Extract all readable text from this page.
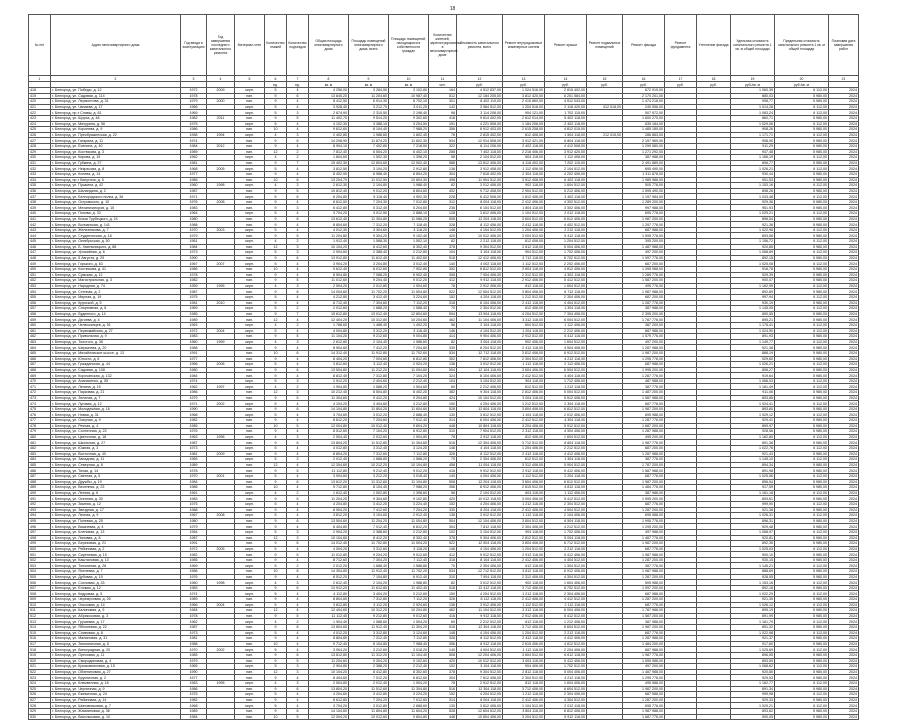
18
№ п/п	Адрес многоквартирного дома	Год ввода в эксплуатацию	Год завершения последнего капитального ремонта	Материал стен	Количество этажей	Количество подъездов	Общая площадь многоквартирного дома	Площадь помещений многоквартирного дома, всего	Площадь помещений, находящихся в собственности граждан	Количество жителей, зарегистрированных в многоквартирном доме	Стоимость капитального ремонта, всего	Ремонт внутридомовых инженерных систем	Ремонт крыши	Ремонт подвальных помещений	Ремонт фасада	Ремонт фундамента	Утепление фасада	Удельная стоимость капитального ремонта 1 кв. м общей площади	Предельная стоимость капитального ремонта 1 кв. м общей площади	Плановая дата завершения работ
1	2	3	4	5	6	7	8	9	10	11	12	13	14	15	16	17	18	19	20	21
					ед.	ед.	кв. м	кв. м	кв. м	чел.	руб.	руб.	руб.	руб.	руб.	руб.	руб.	руб./кв. м	руб./кв. м	
418	г. Белгород, ул. Победы, д. 12	1972	2009	кирп.	5	4	4 256,00	3 284,50	3 102,80	164	4 512 837,00	1 024 516,00	2 815 402,00		672 919,00			1 060,35	6 112,00	2024
419	г. Белгород, ул. Садовая, д. 114	1978		пан.	9	6	13 845,20	11 204,60	10 987,40	512	12 184 205,00	3 812 420,00	6 201 584,00		2 170 201,00			880,03	5 980,00	2024
420	г. Белгород, ул. Лермонтова, д. 31	1979	2000	пан.	9	4	8 412,50	6 914,30	6 702,10	301	8 402 119,00	2 415 860,00	4 512 043,00		1 474 216,00			998,77	5 980,00	2024
421	г. Белгород, ул. Чапаева, д. 17	1966		кирп.	5	4	3 928,40	3 212,70	3 011,20	142	3 984 512,00	1 204 518,00	2 118 420,00	412 018,00	249 556,00			1 014,28	6 112,00	2024
422	г. Белгород, пр-т Славы, д. 81	1969		кирп.	5	3	2 874,90	2 310,50	2 198,40	98	3 114 208,00	904 121,00	1 702 115,00		507 972,00			1 083,24	6 112,00	2024
423	г. Белгород, ул. Щорса, д. 48	1982	2011	пан.	9	5	11 402,70	9 514,20	9 302,60	418	9 814 402,00	2 812 014,00	5 402 118,00		1 600 270,00			860,71	5 980,00	2024
424	г. Белгород, ул. Мичурина, д. 56	1975		кирп.	5	4	4 102,30	3 388,10	3 204,50	151	4 221 508,00	1 184 206,00	2 402 118,00		635 184,00			1 029,06	6 112,00	2024
425	г. Белгород, ул. Королева, д. 9	1986		пан.	10	4	9 812,60	8 104,40	7 988,20	356	8 912 403,00	2 615 208,00	4 812 015,00		1 485 180,00			908,26	5 980,00	2024
426	г. Белгород, ул. Преображенская, д. 22	1958	1994	кирп.	4	3	2 402,80	1 988,60	1 802,40	76	2 815 402,00	812 406,00	1 504 118,00	212 015,00	286 863,00			1 171,71	6 112,00	2024
427	г. Белгород, ул. Гагарина, д. 11	1974		пан.	9	6	14 208,90	11 874,20	11 602,30	534	12 914 508,00	3 912 421,00	6 804 118,00		2 197 969,00			908,90	5 980,00	2024
428	г. Белгород, ул. Есенина, д. 40	1984	2012	пан.	9	4	8 904,10	7 402,80	7 218,50	322	8 114 206,00	2 402 118,00	4 412 508,00		1 299 580,00			911,29	5 980,00	2024
429	г. Белгород, ул. Костюкова, д. 3	1989		пан.	12	2	7 812,40	6 504,20	6 402,10	288	7 402 118,00	2 218 406,00	3 912 420,00		1 271 292,00			947,48	5 980,00	2024
430	г. Белгород, ул. Кирова, д. 19	1962		кирп.	4	2	1 804,60	1 502,30	1 398,20	58	2 104 512,00	604 118,00	1 112 406,00		387 988,00			1 166,19	6 112,00	2024
431	г. Белгород, ул. Губкина, д. 27	1981		пан.	9	7	15 402,30	12 804,60	12 502,40	588	13 812 406,00	4 118 402,00	7 202 115,00		2 491 889,00			896,77	5 980,00	2024
432	г. Белгород, ул. Некрасова, д. 8	1968	2005	кирп.	5	4	3 812,50	3 104,20	2 912,80	136	3 912 408,00	1 112 406,00	2 104 512,00		695 490,00			1 026,21	6 112,00	2024
433	г. Белгород, ул. Конева, д. 14	1977		пан.	9	4	8 402,90	6 988,40	6 804,20	304	7 818 402,00	2 304 118,00	4 202 406,00		1 311 878,00			930,44	5 980,00	2024
434	г. Белгород, пр-т Ватутина, д. 5	1985		пан.	10	6	13 204,70	11 012,50	10 804,30	498	11 904 512,00	3 512 408,00	6 402 118,00		1 989 986,00			901,53	5 980,00	2024
435	г. Белгород, ул. Пушкина, д. 42	1960	1998	кирп.	4	3	2 612,30	2 104,80	1 988,40	82	3 012 406,00	902 118,00	1 604 512,00		505 776,00			1 153,16	6 112,00	2024
436	г. Белгород, ул. Шаландина, д. 2	1987		пан.	9	5	10 812,40	9 012,20	8 804,60	402	9 712 408,00	2 904 512,00	5 212 406,00		1 595 490,00			898,26	5 980,00	2024
437	г. Белгород, ул. Белгородского полка, д. 36	1971		кирп.	5	6	6 204,80	5 118,40	4 902,30	228	6 412 508,00	1 812 406,00	3 402 118,00		1 197 984,00			1 033,48	6 112,00	2024
438	г. Белгород, ул. Островского, д. 10	1976	2008	пан.	9	4	8 612,50	7 204,30	7 012,80	312	8 004 118,00	2 412 406,00	4 302 512,00		1 289 200,00			929,36	5 980,00	2024
439	г. Белгород, ул. Механизаторов, д. 15	1983		пан.	9	3	6 412,80	5 312,40	5 204,60	236	6 104 512,00	1 804 118,00	3 302 406,00		997 988,00			951,93	5 980,00	2024
440	г. Белгород, ул. Попова, д. 33	1964		кирп.	5	4	3 704,20	3 012,50	2 888,10	128	3 812 406,00	1 104 512,00	2 012 118,00		695 776,00			1 029,21	6 112,00	2024
441	г. Белгород, ул. Князя Трубецкого, д. 24	1980		пан.	9	6	13 612,40	11 304,80	11 088,20	508	12 204 118,00	3 604 512,00	6 612 406,00		1 987 200,00			896,54	5 980,00	2024
442	г. Белгород, ул. Волчанская, д. 141	1988		пан.	9	4	8 804,60	7 312,20	7 118,40	328	8 112 406,00	2 412 118,00	4 402 512,00		1 297 776,00			921,38	5 980,00	2024
443	г. Белгород, ул. Железнякова, д. 7	1970	2003	кирп.	5	4	4 012,30	3 304,60	3 118,20	148	4 104 512,00	1 204 406,00	2 212 118,00		687 988,00			1 022,98	6 112,00	2024
444	г. Белгород, ул. Студенческая, д. 18	1979		пан.	9	5	11 204,80	9 304,20	9 102,40	420	10 012 406,00	3 004 512,00	5 412 118,00		1 595 776,00			893,58	5 980,00	2024
445	г. Белгород, ул. Октябрьская, д. 50	1961		кирп.	4	2	1 912,40	1 588,30	1 502,10	62	2 212 118,00	612 406,00	1 204 512,00		395 200,00			1 156,72	6 112,00	2024
446	г. Белгород, ул. Б. Хмельницкого, д. 88	1984		пан.	12	3	10 104,20	8 412,60	8 302,40	378	9 304 512,00	2 812 118,00	5 004 406,00		1 487 988,00			920,85	5 980,00	2024
447	г. Белгород, ул. Урожайная, д. 6	1973		кирп.	5	3	2 904,60	2 388,40	2 212,80	104	3 104 118,00	904 512,00	1 702 406,00		497 200,00			1 068,69	6 112,00	2024
448	г. Белгород, ул. 5 Августа, д. 29	1990		пан.	9	6	13 912,80	11 612,40	11 402,60	518	12 412 406,00	3 712 118,00	6 702 512,00		1 997 776,00			892,15	5 980,00	2024
449	г. Белгород, ул. Горького, д. 63	1967	2007	кирп.	5	4	3 904,20	3 204,80	3 012,40	140	4 002 118,00	1 112 512,00	2 202 406,00		687 200,00			1 025,08	6 112,00	2024
450	г. Белгород, ул. Костюкова, д. 41	1986		пан.	10	4	9 612,40	8 012,60	7 902,80	352	8 812 512,00	2 604 118,00	4 812 406,00		1 395 988,00			916,78	5 980,00	2024
451	г. Белгород, ул. Сумская, д. 12	1978		пан.	9	4	8 504,80	7 088,20	6 902,40	308	7 904 406,00	2 312 512,00	4 302 118,00		1 289 776,00			929,39	5 980,00	2024
452	г. Белгород, ул. Магистральная, д. 3	1982		пан.	9	5	11 012,60	9 204,40	9 012,20	412	9 912 118,00	2 912 406,00	5 412 512,00		1 587 200,00			900,07	5 980,00	2024
453	г. Белгород, ул. Народная, д. 74	1959	1995	кирп.	4	3	2 504,20	2 012,80	1 904,60	78	2 912 406,00	812 118,00	1 604 512,00		495 776,00			1 162,99	6 112,00	2024
454	г. Белгород, ул. Степная, д. 2	1987		пан.	9	6	14 004,60	11 702,20	11 504,80	522	12 504 512,00	3 804 406,00	6 712 118,00		1 987 988,00			892,89	5 980,00	2024
455	г. Белгород, ул. Мирная, д. 19	1975		кирп.	5	4	4 212,80	3 412,40	3 224,60	152	4 204 118,00	1 212 512,00	2 304 406,00		687 200,00			997,94	6 112,00	2024
456	г. Белгород, ул. Крупской, д. 5	1981	2010	пан.	9	4	8 712,40	7 304,60	7 112,20	318	8 104 406,00	2 412 118,00	4 404 512,00		1 287 776,00			930,19	5 980,00	2024
457	г. Белгород, ул. Спортивная, д. 8	1969		кирп.	5	2	2 012,60	1 688,20	1 588,40	70	2 304 512,00	612 406,00	1 304 118,00		387 988,00			1 145,05	6 112,00	2024
458	г. Белгород, ул. Буденного, д. 14	1985		пан.	9	7	15 612,80	13 012,40	12 804,60	594	13 904 118,00	4 204 512,00	7 304 406,00		2 395 200,00			890,55	5 980,00	2024
459	г. Белгород, ул. Дзгоева, д. 4	1989		пан.	12	4	12 404,20	10 312,80	10 204,60	462	11 104 406,00	3 312 118,00	6 004 512,00		1 787 776,00			895,21	5 980,00	2024
460	г. Белгород, ул. Челюскинцев, д. 51	1963		кирп.	4	2	1 788,60	1 488,40	1 402,20	56	2 104 118,00	604 512,00	1 112 406,00		387 200,00			1 176,41	6 112,00	2024
461	г. Белгород, ул. Первомайская, д. 27	1972	2004	кирп.	5	4	4 004,80	3 312,20	3 118,40	146	4 104 512,00	1 204 118,00	2 212 406,00		687 988,00			1 024,90	6 112,00	2024
462	г. Белгород, ул. Привольная, д. 9	1983		пан.	9	5	11 104,20	9 212,60	9 004,80	414	9 904 406,00	2 912 512,00	5 412 118,00		1 579 776,00			891,93	5 980,00	2024
463	г. Белгород, ул. Толстого, д. 38	1960	1999	кирп.	4	3	2 612,80	2 104,40	1 988,60	82	3 004 118,00	902 406,00	1 604 512,00		497 200,00			1 149,77	6 112,00	2024
464	г. Белгород, ул. Шершнева, д. 20	1988		пан.	9	4	8 904,60	7 412,20	7 204,80	330	8 204 512,00	2 412 118,00	4 504 406,00		1 287 988,00			921,38	5 980,00	2024
465	г. Белгород, ул. Михайловское шоссе, д. 13	1991		пан.	10	6	14 312,40	11 912,80	11 702,60	534	12 712 118,00	3 812 406,00	6 912 512,00		1 987 200,00			888,19	5 980,00	2024
466	г. Белгород, ул. Юности, д. 6	1977		пан.	9	4	8 404,20	7 004,60	6 812,80	302	7 812 406,00	2 304 512,00	4 212 118,00		1 295 776,00			929,60	5 980,00	2024
467	г. Белгород, ул. Гражданская, д. 44	1966	2006	кирп.	5	4	3 812,60	3 112,40	2 924,20	136	3 912 512,00	1 112 118,00	2 112 406,00		687 988,00			1 026,21	6 112,00	2024
468	г. Белгород, ул. Садовая, д. 108	1980		пан.	9	6	13 504,80	11 212,20	11 004,60	504	12 104 118,00	3 604 406,00	6 504 512,00		1 995 200,00			896,27	5 980,00	2024
469	г. Белгород, ул. Корочанская, д. 132	1984		пан.	9	4	8 812,40	7 312,80	7 104,20	324	8 104 406,00	2 412 512,00	4 404 118,00		1 287 776,00			919,64	5 980,00	2024
470	г. Белгород, ул. Апанасенко, д. 55	1974		кирп.	5	3	2 912,20	2 404,60	2 212,40	104	3 104 512,00	904 118,00	1 712 406,00		487 988,00			1 066,03	6 112,00	2024
471	г. Белгород, ул. Ленина, д. 15	1962	1997	кирп.	4	2	1 904,80	1 588,20	1 504,60	60	2 212 406,00	612 512,00	1 212 118,00		387 776,00			1 161,49	6 112,00	2024
472	г. Белгород, ул. Парковая, д. 21	1986		пан.	12	3	10 212,40	8 504,80	8 402,20	382	9 304 118,00	2 812 406,00	5 004 512,00		1 487 200,00			911,06	5 980,00	2024
473	г. Белгород, ул. Зеленая, д. 7	1979		пан.	9	5	11 304,60	9 412,20	9 204,80	424	10 104 512,00	3 004 118,00	5 512 406,00		1 587 988,00			893,85	5 980,00	2024
474	г. Белгород, ул. Луговая, д. 12	1971	2002	кирп.	5	4	4 104,20	3 404,60	3 212,80	150	4 204 406,00	1 212 512,00	2 304 118,00		687 776,00			1 024,41	6 112,00	2024
475	г. Белгород, ул. Молодежная, д. 16	1990		пан.	9	6	14 104,80	11 804,20	11 604,60	528	12 604 118,00	3 804 406,00	6 812 512,00		1 987 200,00			893,60	5 980,00	2024
476	г. Белгород, ул. Новая, д. 31	1968		кирп.	5	4	3 704,60	3 012,20	2 888,40	130	3 812 512,00	1 104 118,00	2 012 406,00		695 988,00			1 029,12	6 112,00	2024
477	г. Белгород, ул. Озерная, д. 9	1982		пан.	9	4	8 612,20	7 204,60	7 012,40	314	8 004 406,00	2 412 512,00	4 304 118,00		1 287 776,00			929,41	5 980,00	2024
478	г. Белгород, ул. Речная, д. 4	1985		пан.	10	5	12 004,80	10 012,40	9 804,20	448	10 804 118,00	3 204 406,00	5 912 512,00		1 687 200,00			899,97	5 980,00	2024
479	г. Белгород, ул. Солнечная, д. 22	1976		пан.	9	4	8 512,60	7 104,20	6 912,80	310	7 904 512,00	2 312 118,00	4 304 406,00		1 287 988,00			928,56	5 980,00	2024
480	г. Белгород, ул. Цветочная, д. 18	1963	1996	кирп.	4	3	2 504,40	2 012,60	1 904,80	78	2 912 118,00	812 406,00	1 604 512,00		495 200,00			1 162,80	6 112,00	2024
481	г. Белгород, ул. Школьная, д. 27	1987		пан.	9	6	13 804,20	11 512,80	11 304,60	516	12 304 406,00	3 712 512,00	6 604 118,00		1 987 776,00			891,36	5 980,00	2024
482	г. Белгород, ул. Южная, д. 3	1973		кирп.	5	4	4 012,80	3 312,40	3 124,20	148	4 104 118,00	1 204 406,00	2 212 512,00		687 200,00			1 022,76	6 112,00	2024
483	г. Белгород, ул. Восточная, д. 40	1981	2009	пан.	9	4	8 804,20	7 312,60	7 112,80	326	8 112 512,00	2 412 118,00	4 412 406,00		1 287 988,00			921,43	5 980,00	2024
484	г. Белгород, ул. Западная, д. 11	1965		кирп.	5	2	2 012,40	1 688,80	1 588,20	70	2 304 406,00	612 512,00	1 304 118,00		387 776,00			1 145,10	6 112,00	2024
485	г. Белгород, ул. Северная, д. 8	1989		пан.	12	4	12 304,60	10 212,20	10 104,80	458	11 004 118,00	3 312 406,00	5 904 512,00		1 787 200,00			894,34	5 980,00	2024
486	г. Белгород, ул. Тихая, д. 14	1978		пан.	9	5	11 112,80	9 212,40	9 012,20	416	9 912 512,00	2 912 118,00	5 412 406,00		1 587 988,00			891,98	5 980,00	2024
487	г. Белгород, ул. Светлая, д. 5	1970	2001	кирп.	5	4	3 904,60	3 212,20	3 018,40	140	4 004 406,00	1 112 512,00	2 204 118,00		687 776,00			1 025,56	6 112,00	2024
488	г. Белгород, ул. Дружбы, д. 19	1984		пан.	9	6	13 612,20	11 312,60	11 104,80	508	12 204 118,00	3 604 406,00	6 612 512,00		1 987 200,00			896,54	5 980,00	2024
489	г. Белгород, ул. Весенняя, д. 23	1986		пан.	10	4	9 712,80	8 104,40	7 988,20	356	8 912 406,00	2 615 512,00	4 812 118,00		1 484 776,00			917,59	5 980,00	2024
490	г. Белгород, ул. Летняя, д. 6	1961		кирп.	4	2	1 812,40	1 502,80	1 398,60	58	2 104 512,00	604 118,00	1 112 406,00		387 988,00			1 161,18	6 112,00	2024
491	г. Белгород, ул. Осенняя, д. 30	1983		пан.	9	5	11 204,20	9 304,60	9 102,80	420	10 012 118,00	3 004 406,00	5 412 512,00		1 595 200,00			893,61	5 980,00	2024
492	г. Белгород, ул. Зимняя, д. 12	1975		кирп.	5	4	4 204,80	3 412,20	3 224,40	152	4 204 406,00	1 212 118,00	2 304 512,00		687 776,00			999,90	6 112,00	2024
493	г. Белгород, ул. Звездная, д. 17	1988		пан.	9	4	8 904,20	7 412,60	7 204,20	330	8 204 118,00	2 412 406,00	4 504 512,00		1 287 200,00			921,38	5 980,00	2024
494	г. Белгород, ул. Лесная, д. 9	1967	2008	кирп.	5	4	3 812,20	3 104,60	2 912,40	136	3 912 512,00	1 112 118,00	2 104 406,00		695 988,00			1 026,31	6 112,00	2024
495	г. Белгород, ул. Полевая, д. 25	1980		пан.	9	6	13 504,60	11 204,20	11 004,80	504	12 104 406,00	3 604 512,00	6 504 118,00		1 995 776,00			896,31	5 980,00	2024
496	г. Белгород, ул. Вишневая, д. 4	1979		пан.	9	4	8 404,80	7 012,40	6 812,20	304	7 812 118,00	2 304 406,00	4 212 512,00		1 295 200,00			929,48	5 980,00	2024
497	г. Белгород, ул. Кленовая, д. 13	1964		кирп.	5	3	2 904,20	2 388,60	2 212,80	102	3 104 512,00	904 118,00	1 702 406,00		497 988,00			1 068,97	6 112,00	2024
498	г. Белгород, ул. Липовая, д. 8	1987		пан.	12	3	10 104,60	8 412,20	8 302,40	378	9 304 406,00	2 812 512,00	5 004 118,00		1 487 776,00			920,81	5 980,00	2024
499	г. Белгород, ул. Березовая, д. 21	1991		пан.	9	6	14 012,40	11 702,80	11 504,20	522	12 504 118,00	3 804 406,00	6 712 512,00		1 987 200,00			892,35	5 980,00	2024
500	г. Белгород, ул. Рябиновая, д. 2	1972	2005	кирп.	5	4	4 004,20	3 312,60	3 118,20	146	4 104 406,00	1 204 512,00	2 212 118,00		687 776,00			1 025,03	6 112,00	2024
501	г. Белгород, ул. Сиреневая, д. 15	1982		пан.	9	5	11 012,80	9 204,20	9 012,60	412	9 912 512,00	2 912 118,00	5 412 406,00		1 587 988,00			900,10	5 980,00	2024
502	г. Белгород, ул. Каштановая, д. 10	1985		пан.	9	4	8 712,60	7 304,20	7 112,40	318	8 104 118,00	2 412 406,00	4 404 512,00		1 287 200,00			930,15	5 980,00	2024
503	г. Белгород, ул. Тополиная, д. 28	1969		кирп.	5	2	2 012,20	1 688,40	1 588,80	70	2 304 406,00	612 118,00	1 304 512,00		387 776,00			1 145,21	6 112,00	2024
504	г. Белгород, ул. Ясеневая, д. 7	1986		пан.	10	6	14 304,80	11 912,40	11 702,20	534	12 712 512,00	3 812 118,00	6 912 406,00		1 987 988,00			888,69	5 980,00	2024
505	г. Белгород, ул. Дубовая, д. 19	1976		пан.	9	4	8 512,20	7 104,80	6 912,40	310	7 904 118,00	2 312 406,00	4 304 512,00		1 287 200,00			928,55	5 980,00	2024
506	г. Белгород, ул. Сосновая, д. 33	1960	1998	кирп.	4	3	2 612,40	2 104,20	1 988,80	82	3 012 512,00	902 118,00	1 604 406,00		505 988,00			1 153,16	6 112,00	2024
507	г. Белгород, ул. Еловая, д. 12	1983		пан.	9	6	13 912,20	11 612,80	11 402,40	518	12 412 118,00	3 712 406,00	6 702 512,00		1 997 200,00			892,18	5 980,00	2024
508	г. Белгород, ул. Кедровая, д. 5	1974		кирп.	5	4	4 112,80	3 404,20	3 212,60	150	4 204 512,00	1 212 118,00	2 304 406,00		687 988,00			1 022,29	6 112,00	2024
509	г. Белгород, ул. Черемуховая, д. 26	1989		пан.	9	4	8 804,60	7 312,80	7 112,20	326	8 112 118,00	2 412 406,00	4 412 512,00		1 287 200,00			921,35	5 980,00	2024
510	г. Белгород, ул. Ольховая, д. 14	1966	2004	кирп.	5	4	3 812,80	3 112,20	2 924,60	136	3 912 406,00	1 112 512,00	2 112 118,00		687 776,00			1 026,12	6 112,00	2024
511	г. Белгород, ул. Калиновая, д. 9	1984		пан.	12	4	12 404,60	10 312,20	10 204,80	462	11 104 512,00	3 312 118,00	6 004 406,00		1 787 988,00			895,19	5 980,00	2024
512	г. Белгород, ул. Абрикосовая, д. 3	1978		пан.	9	5	11 112,40	9 212,80	9 012,60	416	9 912 118,00	2 912 406,00	5 412 512,00		1 587 200,00			891,99	5 980,00	2024
513	г. Белгород, ул. Грушевая, д. 17	1962		кирп.	4	2	1 904,40	1 588,60	1 504,20	60	2 212 512,00	612 118,00	1 212 406,00		387 988,00			1 161,79	6 112,00	2024
514	г. Белгород, ул. Яблоневая, д. 22	1987		пан.	9	6	13 804,60	11 512,40	11 304,20	516	12 304 118,00	3 712 406,00	6 604 512,00		1 987 200,00			891,32	5 980,00	2024
515	г. Белгород, ул. Сливовая, д. 8	1973		кирп.	5	4	4 012,20	3 312,80	3 124,60	148	4 104 406,00	1 204 512,00	2 212 118,00		687 776,00			1 022,98	6 112,00	2024
516	г. Белгород, ул. Малиновая, д. 31	1981		пан.	9	4	8 804,80	7 312,40	7 112,80	326	8 112 512,00	2 412 118,00	4 412 406,00		1 287 988,00			921,37	5 980,00	2024
517	г. Белгород, ул. Земляничная, д. 6	1988		пан.	10	4	9 712,40	8 104,80	7 988,40	356	8 912 118,00	2 615 406,00	4 812 512,00		1 484 200,00			917,60	5 980,00	2024
518	г. Белгород, ул. Виноградная, д. 20	1970	2002	кирп.	5	4	3 904,20	3 212,60	3 018,20	140	4 004 512,00	1 112 118,00	2 204 406,00		687 988,00			1 025,69	6 112,00	2024
519	г. Белгород, ул. Ореховая, д. 11	1985		пан.	9	6	13 612,80	11 312,20	11 104,40	508	12 204 406,00	3 604 512,00	6 612 118,00		1 987 776,00			896,55	5 980,00	2024
520	г. Белгород, ул. Смородиновая, д. 4	1979		пан.	9	5	11 204,60	9 304,20	9 102,60	420	10 012 512,00	3 004 118,00	5 412 406,00		1 595 988,00			893,59	5 980,00	2024
521	г. Белгород, ул. Крыжовниковая, д. 15	1965		кирп.	5	3	2 904,80	2 388,20	2 212,40	102	3 104 118,00	904 406,00	1 702 512,00		497 200,00			1 068,62	6 112,00	2024
522	г. Белгород, ул. Облепиховая, д. 27	1990		пан.	12	3	10 104,20	8 412,80	8 302,60	378	9 304 512,00	2 812 118,00	5 004 406,00		1 487 988,00			920,85	5 980,00	2024
523	г. Белгород, ул. Брусничная, д. 2	1977		пан.	9	4	8 404,60	7 012,20	6 812,60	304	7 812 406,00	2 304 512,00	4 212 118,00		1 295 776,00			929,53	5 980,00	2024
524	г. Белгород, ул. Клюквенная, д. 18	1963	1995	кирп.	4	3	2 504,80	2 012,40	1 904,20	78	2 912 512,00	812 118,00	1 604 406,00		495 988,00			1 162,77	6 112,00	2024
525	г. Белгород, ул. Черничная, д. 9	1986		пан.	9	6	13 804,20	11 512,60	11 304,80	516	12 304 118,00	3 712 406,00	6 604 512,00		1 987 200,00			891,34	5 980,00	2024
526	г. Белгород, ул. Ежевичная, д. 24	1975		кирп.	5	4	4 204,60	3 412,80	3 224,20	152	4 204 512,00	1 212 118,00	2 304 406,00		687 988,00			999,98	6 112,00	2024
527	г. Белгород, ул. Рябиновая, д. 14	1982		пан.	9	4	8 612,80	7 204,20	7 012,60	314	8 004 118,00	2 412 406,00	4 304 512,00		1 287 200,00			929,33	5 980,00	2024
528	г. Белгород, ул. Шиповниковая, д. 7	1968		кирп.	5	4	3 704,20	3 012,80	2 888,60	130	3 812 406,00	1 104 512,00	2 012 118,00		695 776,00			1 029,21	6 112,00	2024
529	г. Белгород, ул. Жасминовая, д. 36	1989		пан.	9	6	14 104,60	11 804,80	11 604,20	528	12 604 512,00	3 804 118,00	6 812 406,00		1 987 988,00			893,62	5 980,00	2024
530	г. Белгород, ул. Васильковая, д. 10	1984		пан.	10	5	12 004,20	10 012,60	9 804,80	448	10 804 406,00	3 204 512,00	5 912 118,00		1 687 776,00			900,05	5 980,00	2024
